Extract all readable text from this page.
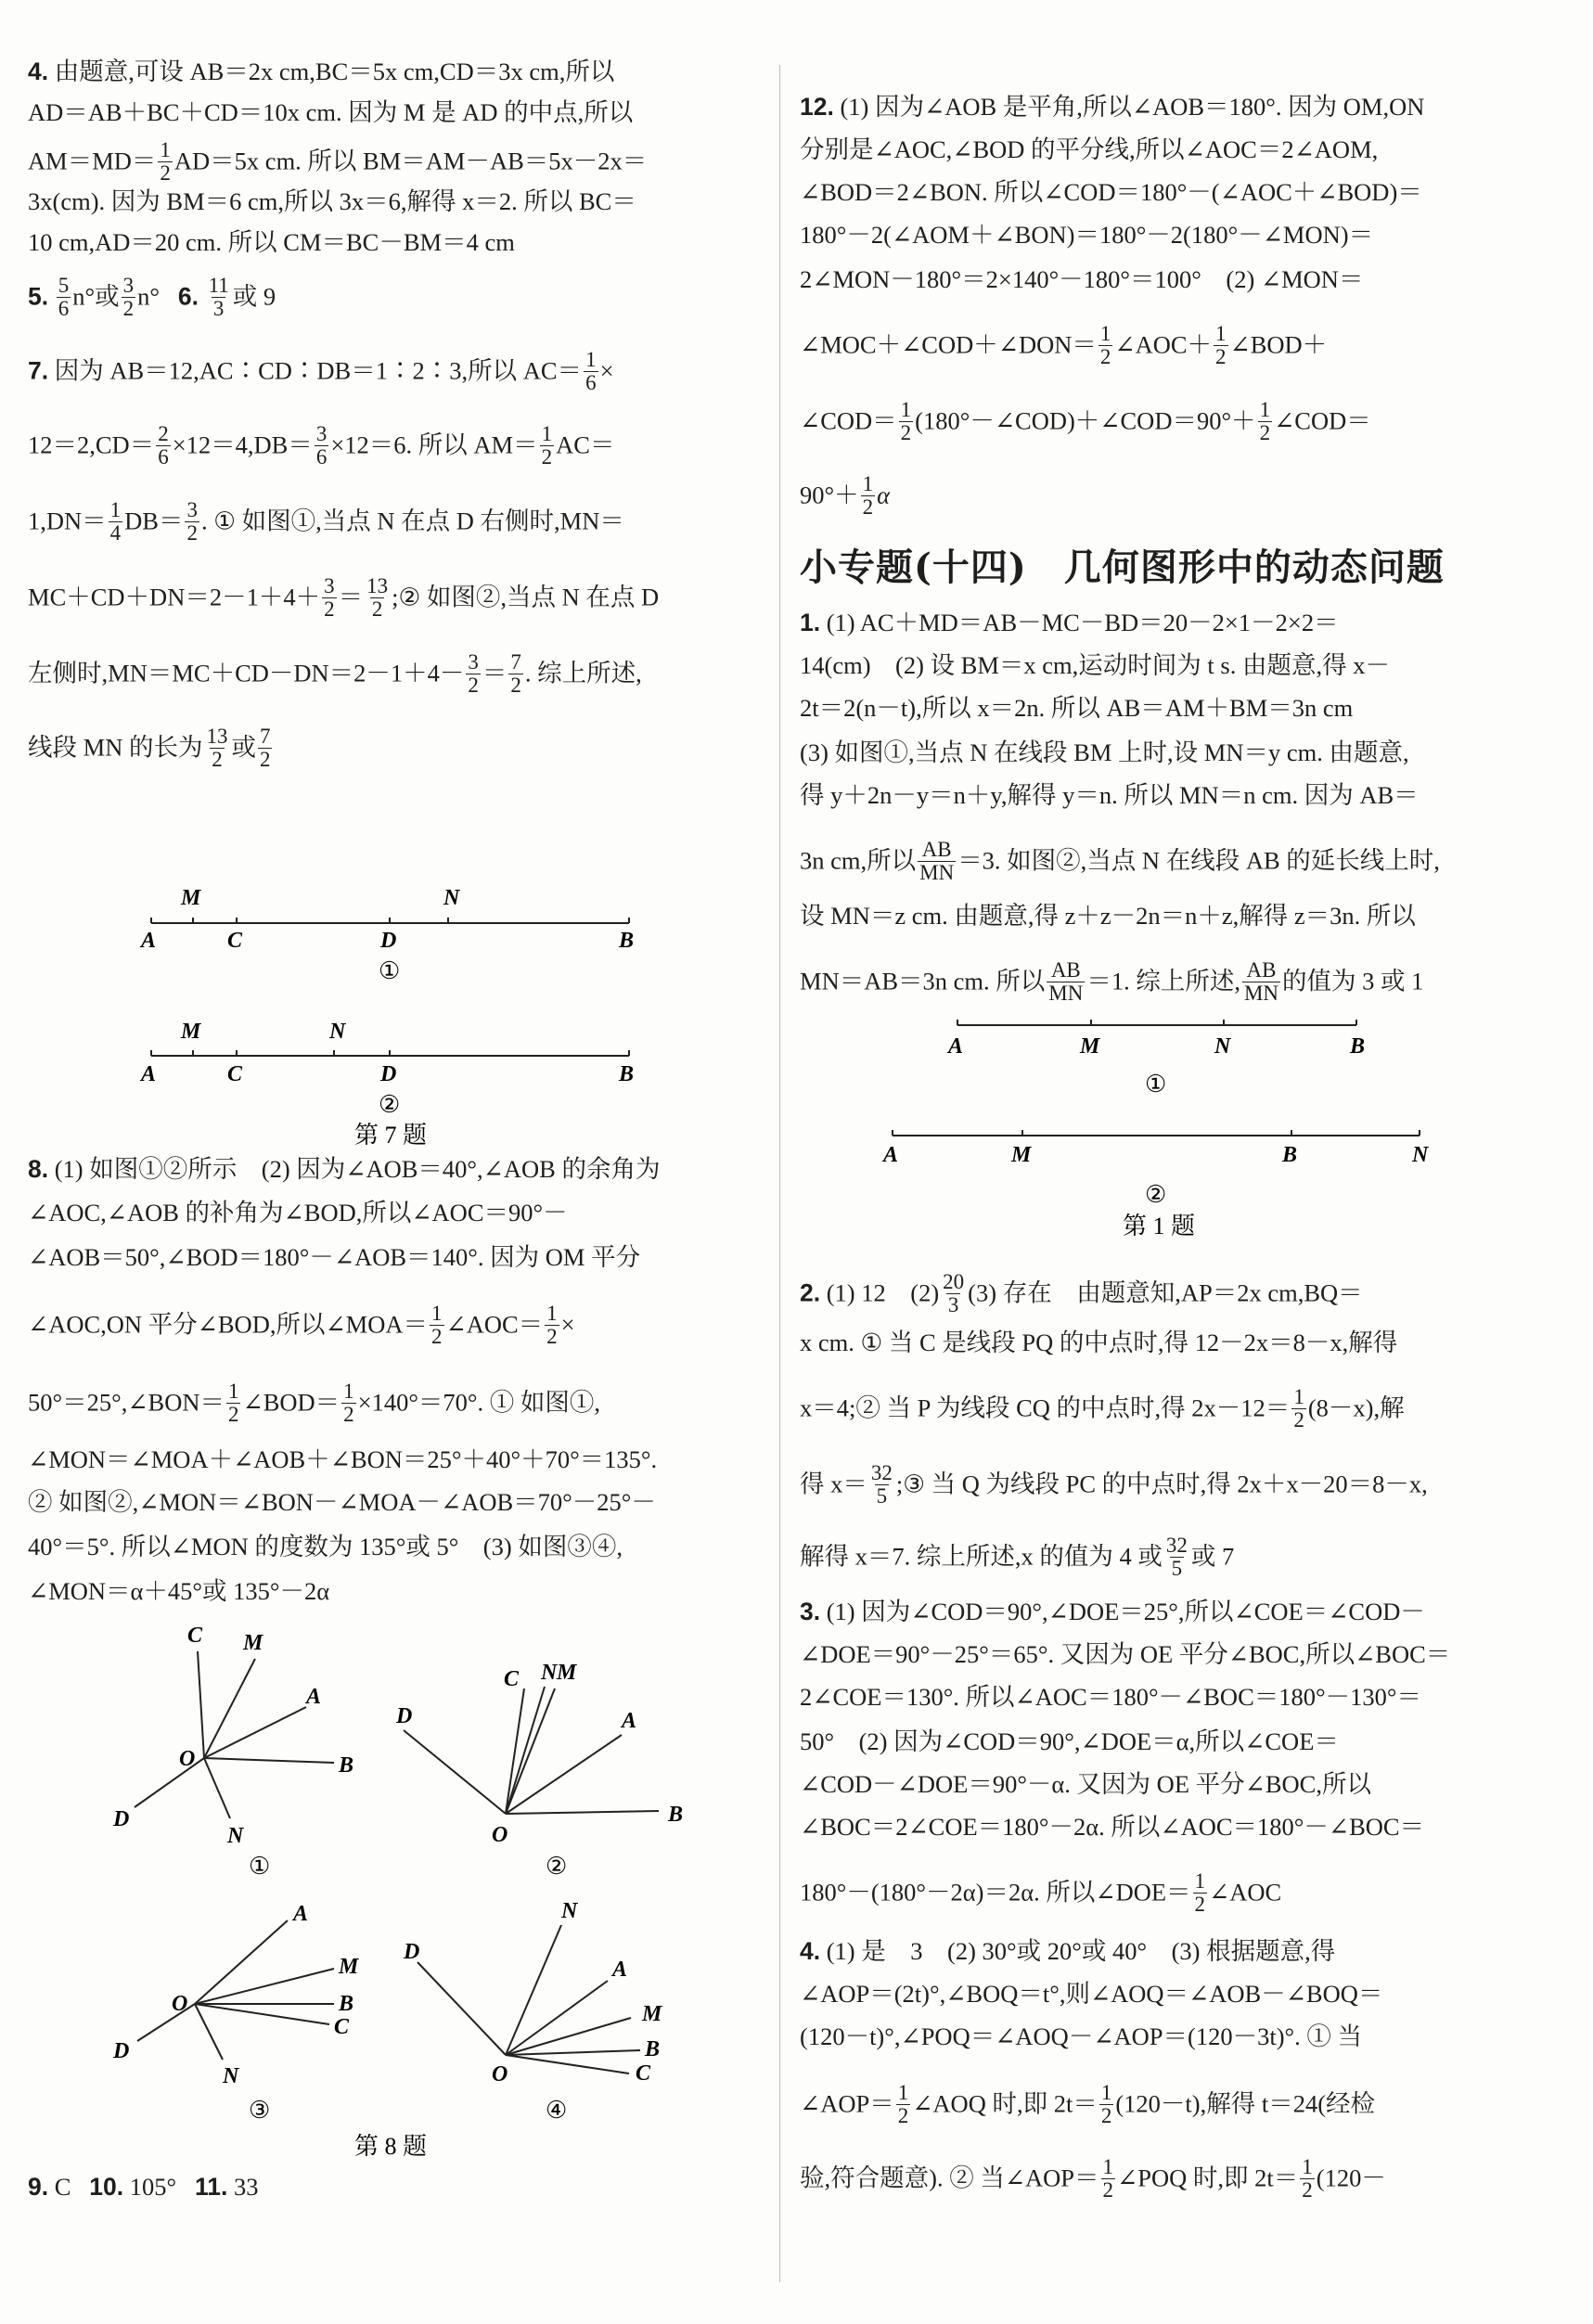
4. 由题意,可设 AB＝2x cm,BC＝5x cm,CD＝3x cm,所以
AD＝AB＋BC＋CD＝10x cm. 因为 M 是 AD 的中点,所以
$AM=MD= \frac{1}{2} AD=5x$ cm. 所以 BM＝AM－AB＝5x－2x＝
3x(cm). 因为 BM＝6 cm,所以 3x＝6,解得 x＝2. 所以 BC＝
10 cm,AD＝20 cm. 所以 CM＝BC－BM＝4 cm
5. $\frac{5}{6} n^\circ$或 $\frac{3}{2} n^\circ$ 6. $\frac{11}{3}$ 或 9
7. 因为 AB＝12,AC∶CD∶DB＝1∶2∶3,所以 $AC= \frac{1}{6}$ ×
$12=2,CD= \frac{2}{6} \times 12=4,DB= \frac{3}{6} \times 12=6$. 所以 $AM= \frac{1}{2} AC=$
$1,DN= \frac{1}{4} DB= \frac{3}{2}$ . ① 如图①,当点 N 在点 D 右侧时,MN＝
$MC+CD+DN=2-1+4+ \frac{3}{2} = \frac{13}{2}$ ;② 如图②,当点 N 在点 D
左侧时$,MN=MC+CD-DN=2-1+4- \frac{3}{2} = \frac{7}{2}$ . 综上所述,
线段 MN 的长为 $\frac{13}{2}$ 或 $\frac{7}{2}$
M	N
A	C	D	B
M	N
A	C	D	B
①
②
第 7 题
8. (1) 如图①②所示　(2) 因为∠AOB＝40°,∠AOB 的余角为
∠AOC,∠AOB 的补角为∠BOD,所以∠AOC＝90°－
∠AOB＝50°,∠BOD＝180°－∠AOB＝140°. 因为 OM 平分
∠AOC,ON 平分∠BOD,所以∠MOA＝ $\frac{1}{2}$ ∠AOC＝ $\frac{1}{2}$ ×
50°＝25°,∠BON＝ $\frac{1}{2}$ ∠BOD＝ $\frac{1}{2} \times 140^\circ=70^\circ$. ① 如图①,
∠MON＝∠MOA＋∠AOB＋∠BON＝25°＋40°＋70°＝135°.
② 如图②,∠MON＝∠BON－∠MOA－∠AOB＝70°－25°－
40°＝5°. 所以∠MON 的度数为 135°或 5°　(3) 如图③④,
∠MON＝α＋45°或 135°－2α
C M
A
B
O
D
N
C N M
A
B
O
D
A
M
B
C
O
D
N
N
A
M
B
C
O
D
①	②
③	④
第 8 题
9. C 10. 105° 11. 33
12. (1) 因为∠AOB 是平角,所以∠AOB＝180°. 因为 OM,ON
分别是∠AOC,∠BOD 的平分线,所以∠AOC＝2∠AOM,
∠BOD＝2∠BON. 所以∠COD＝180°－(∠AOC＋∠BOD)＝
180°－2(∠AOM＋∠BON)＝180°－2(180°－∠MON)＝
2∠MON－180°＝2×140°－180°＝100°　(2) ∠MON＝
∠MOC＋∠COD＋∠DON＝ $\frac{1}{2}$ ∠AOC＋ $\frac{1}{2}$ ∠BOD＋
∠COD＝ $\frac{1}{2}$ (180°－∠COD)＋∠COD＝90°＋ $\frac{1}{2}$ ∠COD＝
$90^\circ+ \frac{1}{2}$ α
小专题(十四) 几何图形中的动态问题
1. (1) AC＋MD＝AB－MC－BD＝20－2×1－2×2＝
14(cm)　(2) 设 BM＝x cm,运动时间为 t s. 由题意,得 x－
2t＝2(n－t),所以 x＝2n. 所以 AB＝AM＋BM＝3n cm
(3) 如图①,当点 N 在线段 BM 上时,设 MN＝y cm. 由题意,
得 y＋2n－y＝n＋y,解得 y＝n. 所以 MN＝n cm. 因为 AB＝
3n cm,所以 $\frac{AB}{MN} =3$. 如图②,当点 N 在线段 AB 的延长线上时,
设 MN＝z cm. 由题意,得 z＋z－2n＝n＋z,解得 z＝3n. 所以
MN＝AB＝3n cm. 所以 $\frac{AB}{MN} =1$. 综上所述, $\frac{AB}{MN}$ 的值为 3 或 1
A	M	N	B
A	M	B	N
①
②
第 1 题
2. (1) 12　$(2) \frac{20}{3} (3)$ 存在　由题意知,AP＝2x cm,BQ＝
x cm. ① 当 C 是线段 PQ 的中点时,得 12－2x＝8－x,解得
x＝4;② 当 P 为线段 CQ 的中点时,得 $2x-12= \frac{1}{2} (8-x)$,解
得 $x= \frac{32}{5}$ ;③ 当 Q 为线段 PC 的中点时,得 2x＋x－20＝8－x,
解得 x＝7. 综上所述,x 的值为 4 或 $\frac{32}{5}$ 或 7
3. (1) 因为∠COD＝90°,∠DOE＝25°,所以∠COE＝∠COD－
∠DOE＝90°－25°＝65°. 又因为 OE 平分∠BOC,所以∠BOC＝
2∠COE＝130°. 所以∠AOC＝180°－∠BOC＝180°－130°＝
50°　(2) 因为∠COD＝90°,∠DOE＝α,所以∠COE＝
∠COD－∠DOE＝90°－α. 又因为 OE 平分∠BOC,所以
∠BOC＝2∠COE＝180°－2α. 所以∠AOC＝180°－∠BOC＝
180°－(180°－2α)＝2α. 所以∠DOE＝ $\frac{1}{2}$ ∠AOC
4. (1) 是　3　(2) 30°或 20°或 40°　(3) 根据题意,得
∠AOP＝(2t)°,∠BOQ＝t°,则∠AOQ＝∠AOB－∠BOQ＝
(120－t)°,∠POQ＝∠AOQ－∠AOP＝(120－3t)°. ① 当
∠AOP＝ $\frac{1}{2}$ ∠AOQ 时,即 $2t= \frac{1}{2} (120-t)$,解得 t＝24(经检
验,符合题意). ② 当∠AOP＝ $\frac{1}{2}$ ∠POQ 时,即 $2t= \frac{1}{2} (120-$
